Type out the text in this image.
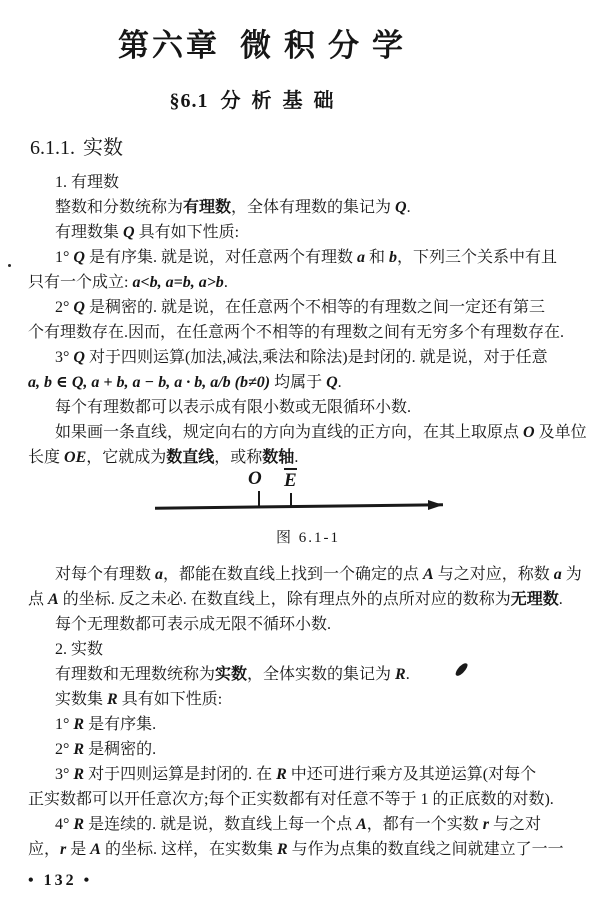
第六章 微积分学
§6.1 分析基础
6.1.1. 实数
1. 有理数
整数和分数统称为有理数，全体有理数的集记为 Q.
有理数集 Q 具有如下性质:
1° Q 是有序集. 就是说，对任意两个有理数 a 和 b，下列三个关系中有且
只有一个成立: a<b, a=b, a>b.
2° Q 是稠密的. 就是说，在任意两个不相等的有理数之间一定还有第三
个有理数存在.因而，在任意两个不相等的有理数之间有无穷多个有理数存在.
3° Q 对于四则运算(加法,减法,乘法和除法)是封闭的. 就是说，对于任意
a, b ∈ Q, a + b, a − b, a · b, a/b (b≠0) 均属于 Q.
每个有理数都可以表示成有限小数或无限循环小数.
如果画一条直线，规定向右的方向为直线的正方向，在其上取原点 O 及单位
长度 OE，它就成为数直线，或称数轴.
O E
图 6.1-1
对每个有理数 a，都能在数直线上找到一个确定的点 A 与之对应，称数 a 为
点 A 的坐标. 反之未必. 在数直线上，除有理点外的点所对应的数称为无理数.
每个无理数都可表示成无限不循环小数.
2. 实数
有理数和无理数统称为实数，全体实数的集记为 R.
实数集 R 具有如下性质:
1° R 是有序集.
2° R 是稠密的.
3° R 对于四则运算是封闭的. 在 R 中还可进行乘方及其逆运算(对每个
正实数都可以开任意次方;每个正实数都有对任意不等于 1 的正底数的对数).
4° R 是连续的. 就是说，数直线上每一个点 A，都有一个实数 r 与之对
应，r 是 A 的坐标. 这样，在实数集 R 与作为点集的数直线之间就建立了一一
• 132 •
